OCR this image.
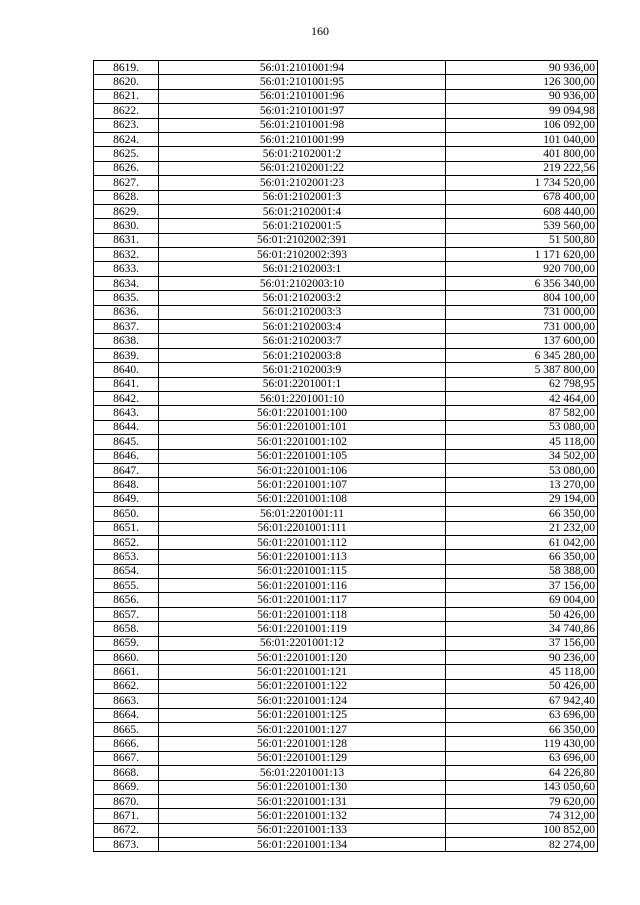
160
8619.	56:01:2101001:94	90 936,00
8620.	56:01:2101001:95	126 300,00
8621.	56:01:2101001:96	90 936,00
8622.	56:01:2101001:97	99 094,98
8623.	56:01:2101001:98	106 092,00
8624.	56:01:2101001:99	101 040,00
8625.	56:01:2102001:2	401 800,00
8626.	56:01:2102001:22	219 222,56
8627.	56:01:2102001:23	1 734 520,00
8628.	56:01:2102001:3	678 400,00
8629.	56:01:2102001:4	608 440,00
8630.	56:01:2102001:5	539 560,00
8631.	56:01:2102002:391	51 500,80
8632.	56:01:2102002:393	1 171 620,00
8633.	56:01:2102003:1	920 700,00
8634.	56:01:2102003:10	6 356 340,00
8635.	56:01:2102003:2	804 100,00
8636.	56:01:2102003:3	731 000,00
8637.	56:01:2102003:4	731 000,00
8638.	56:01:2102003:7	137 600,00
8639.	56:01:2102003:8	6 345 280,00
8640.	56:01:2102003:9	5 387 800,00
8641.	56:01:2201001:1	62 798,95
8642.	56:01:2201001:10	42 464,00
8643.	56:01:2201001:100	87 582,00
8644.	56:01:2201001:101	53 080,00
8645.	56:01:2201001:102	45 118,00
8646.	56:01:2201001:105	34 502,00
8647.	56:01:2201001:106	53 080,00
8648.	56:01:2201001:107	13 270,00
8649.	56:01:2201001:108	29 194,00
8650.	56:01:2201001:11	66 350,00
8651.	56:01:2201001:111	21 232,00
8652.	56:01:2201001:112	61 042,00
8653.	56:01:2201001:113	66 350,00
8654.	56:01:2201001:115	58 388,00
8655.	56:01:2201001:116	37 156,00
8656.	56:01:2201001:117	69 004,00
8657.	56:01:2201001:118	50 426,00
8658.	56:01:2201001:119	34 740,86
8659.	56:01:2201001:12	37 156,00
8660.	56:01:2201001:120	90 236,00
8661.	56:01:2201001:121	45 118,00
8662.	56:01:2201001:122	50 426,00
8663.	56:01:2201001:124	67 942,40
8664.	56:01:2201001:125	63 696,00
8665.	56:01:2201001:127	66 350,00
8666.	56:01:2201001:128	119 430,00
8667.	56:01:2201001:129	63 696,00
8668.	56:01:2201001:13	64 226,80
8669.	56:01:2201001:130	143 050,60
8670.	56:01:2201001:131	79 620,00
8671.	56:01:2201001:132	74 312,00
8672.	56:01:2201001:133	100 852,00
8673.	56:01:2201001:134	82 274,00
